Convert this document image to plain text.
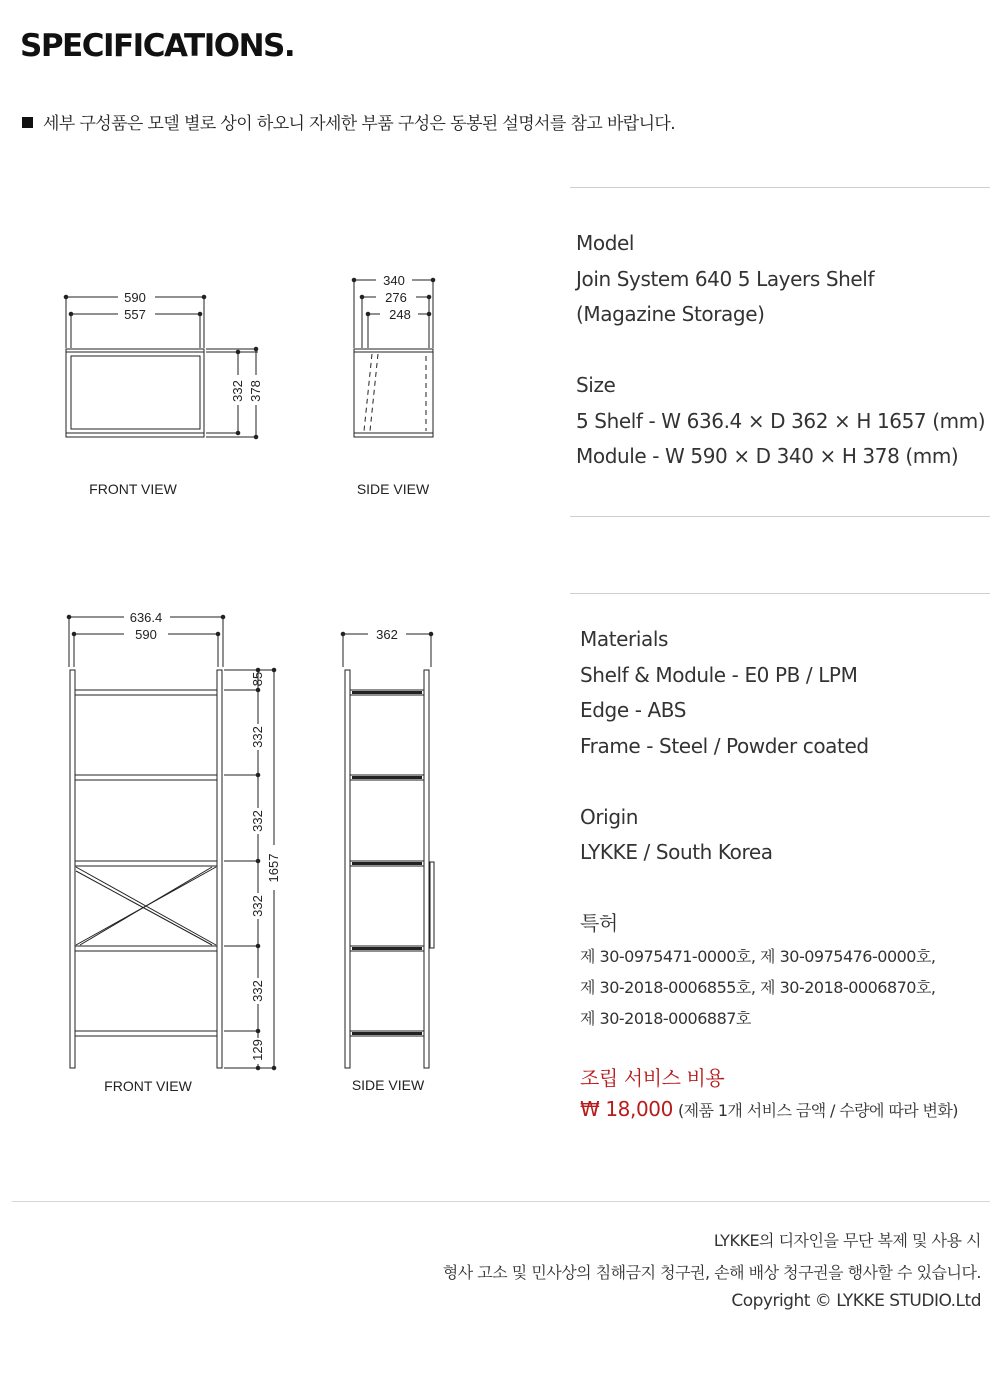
SPECIFICATIONS.
세부 구성품은 모델 별로 상이 하오니 자세한 부품 구성은 동봉된 설명서를 참고 바랍니다.
590
557
332 378
340
276
248
FRONT VIEW	SIDE VIEW
636.4
590	362
85
332
332
332
332
129
1657
FRONT VIEW	SIDE VIEW
Model
Join System 640 5 Layers Shelf
(Magazine Storage)
Size
5 Shelf - W 636.4 × D 362 × H 1657 (mm)
Module - W 590 × D 340 × H 378 (mm)
Materials
Shelf & Module - E0 PB / LPM
Edge - ABS
Frame - Steel / Powder coated
Origin
LYKKE / South Korea
특허
제 30-0975471-0000호, 제 30-0975476-0000호,
제 30-2018-0006855호, 제 30-2018-0006870호,
제 30-2018-0006887호
조립 서비스 비용
₩ 18,000 (제품 1개 서비스 금액 / 수량에 따라 변화)
LYKKE의 디자인을 무단 복제 및 사용 시
형사 고소 및 민사상의 침해금지 청구권, 손해 배상 청구권을 행사할 수 있습니다.
Copyright © LYKKE STUDIO.Ltd
